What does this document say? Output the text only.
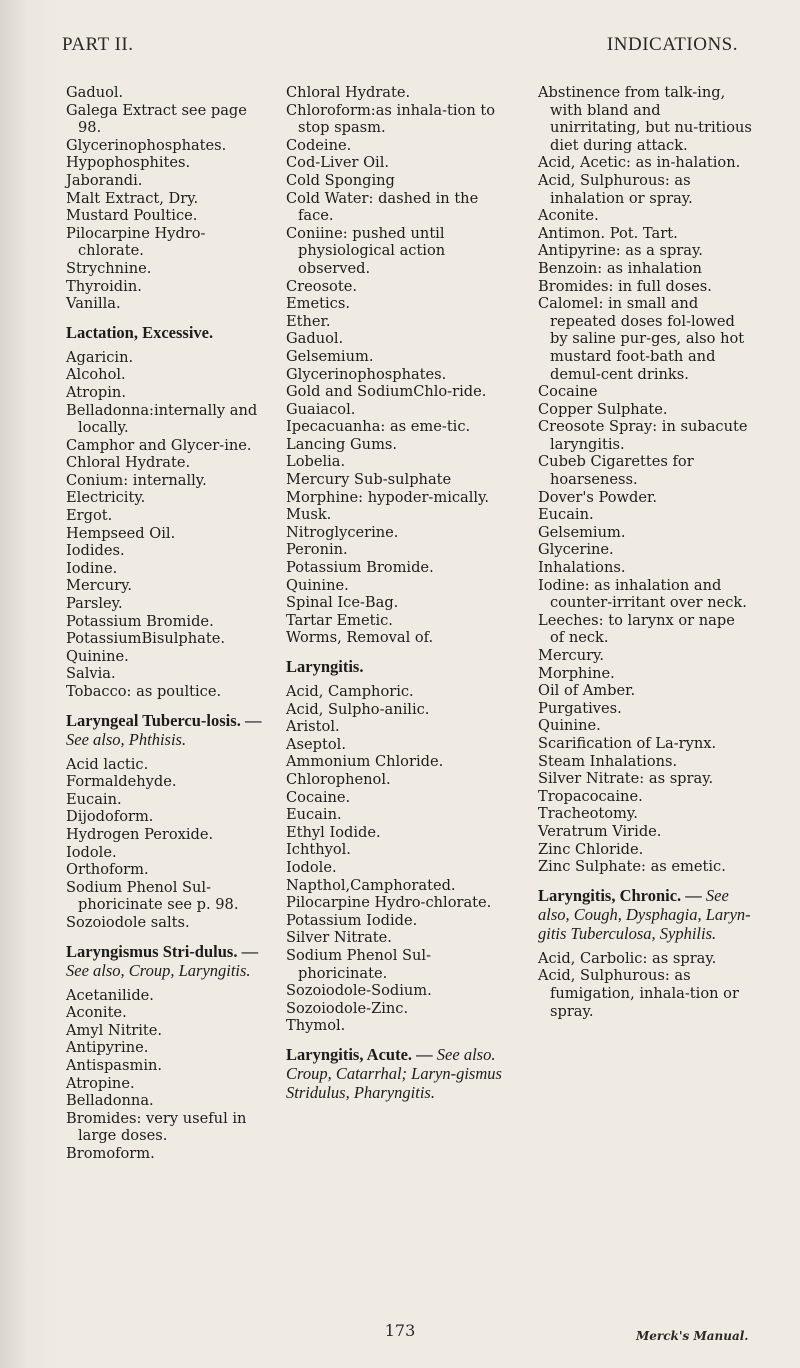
PART II.	INDICATIONS.
Gaduol.
Galega Extract see page 98.
Glycerinophosphates.
Hypophosphites.
Jaborandi.
Malt Extract, Dry.
Mustard Poultice.
Pilocarpine Hydro-chlorate.
Strychnine.
Thyroidin.
Vanilla.
Lactation, Excessive.
Agaricin.
Alcohol.
Atropin.
Belladonna:internally and locally.
Camphor and Glycer-ine.
Chloral Hydrate.
Conium: internally.
Electricity.
Ergot.
Hempseed Oil.
Iodides.
Iodine.
Mercury.
Parsley.
Potassium Bromide.
PotassiumBisulphate.
Quinine.
Salvia.
Tobacco: as poultice.
Laryngeal Tubercu-losis. — See also, Phthisis.
Acid lactic.
Formaldehyde.
Eucain.
Dijodoform.
Hydrogen Peroxide.
Iodole.
Orthoform.
Sodium Phenol Sul-phoricinate see p. 98.
Sozoiodole salts.
Laryngismus Stri-dulus. — See also, Croup, Laryngitis.
Acetanilide.
Aconite.
Amyl Nitrite.
Antipyrine.
Antispasmin.
Atropine.
Belladonna.
Bromides: very useful in large doses.
Bromoform.
Chloral Hydrate.
Chloroform:as inhala-tion to stop spasm.
Codeine.
Cod-Liver Oil.
Cold Sponging
Cold Water: dashed in the face.
Coniine: pushed until physiological action observed.
Creosote.
Emetics.
Ether.
Gaduol.
Gelsemium.
Glycerinophosphates.
Gold and SodiumChlo-ride.
Guaiacol.
Ipecacuanha: as eme-tic.
Lancing Gums.
Lobelia.
Mercury Sub-sulphate
Morphine: hypoder-mically.
Musk.
Nitroglycerine.
Peronin.
Potassium Bromide.
Quinine.
Spinal Ice-Bag.
Tartar Emetic.
Worms, Removal of.
Laryngitis.
Acid, Camphoric.
Acid, Sulpho-anilic.
Aristol.
Aseptol.
Ammonium Chloride.
Chlorophenol.
Cocaine.
Eucain.
Ethyl Iodide.
Ichthyol.
Iodole.
Napthol,Camphorated.
Pilocarpine Hydro-chlorate.
Potassium Iodide.
Silver Nitrate.
Sodium Phenol Sul-phoricinate.
Sozoiodole-Sodium.
Sozoiodole-Zinc.
Thymol.
Laryngitis, Acute. — See also. Croup, Catarrhal; Laryn-gismus Stridulus, Pharyngitis.
Abstinence from talk-ing, with bland and unirritating, but nu-tritious diet during attack.
Acid, Acetic: as in-halation.
Acid, Sulphurous: as inhalation or spray.
Aconite.
Antimon. Pot. Tart.
Antipyrine: as a spray.
Benzoin: as inhalation
Bromides: in full doses.
Calomel: in small and repeated doses fol-lowed by saline pur-ges, also hot mustard foot-bath and demul-cent drinks.
Cocaine
Copper Sulphate.
Creosote Spray: in subacute laryngitis.
Cubeb Cigarettes for hoarseness.
Dover's Powder.
Eucain.
Gelsemium.
Glycerine.
Inhalations.
Iodine: as inhalation and counter-irritant over neck.
Leeches: to larynx or nape of neck.
Mercury.
Morphine.
Oil of Amber.
Purgatives.
Quinine.
Scarification of La-rynx.
Steam Inhalations.
Silver Nitrate: as spray.
Tropacocaine.
Tracheotomy.
Veratrum Viride.
Zinc Chloride.
Zinc Sulphate: as emetic.
Laryngitis, Chronic. — See also, Cough, Dysphagia, Laryn-gitis Tuberculosa, Syphilis.
Acid, Carbolic: as spray.
Acid, Sulphurous: as fumigation, inhala-tion or spray.
173	Merck's Manual.
